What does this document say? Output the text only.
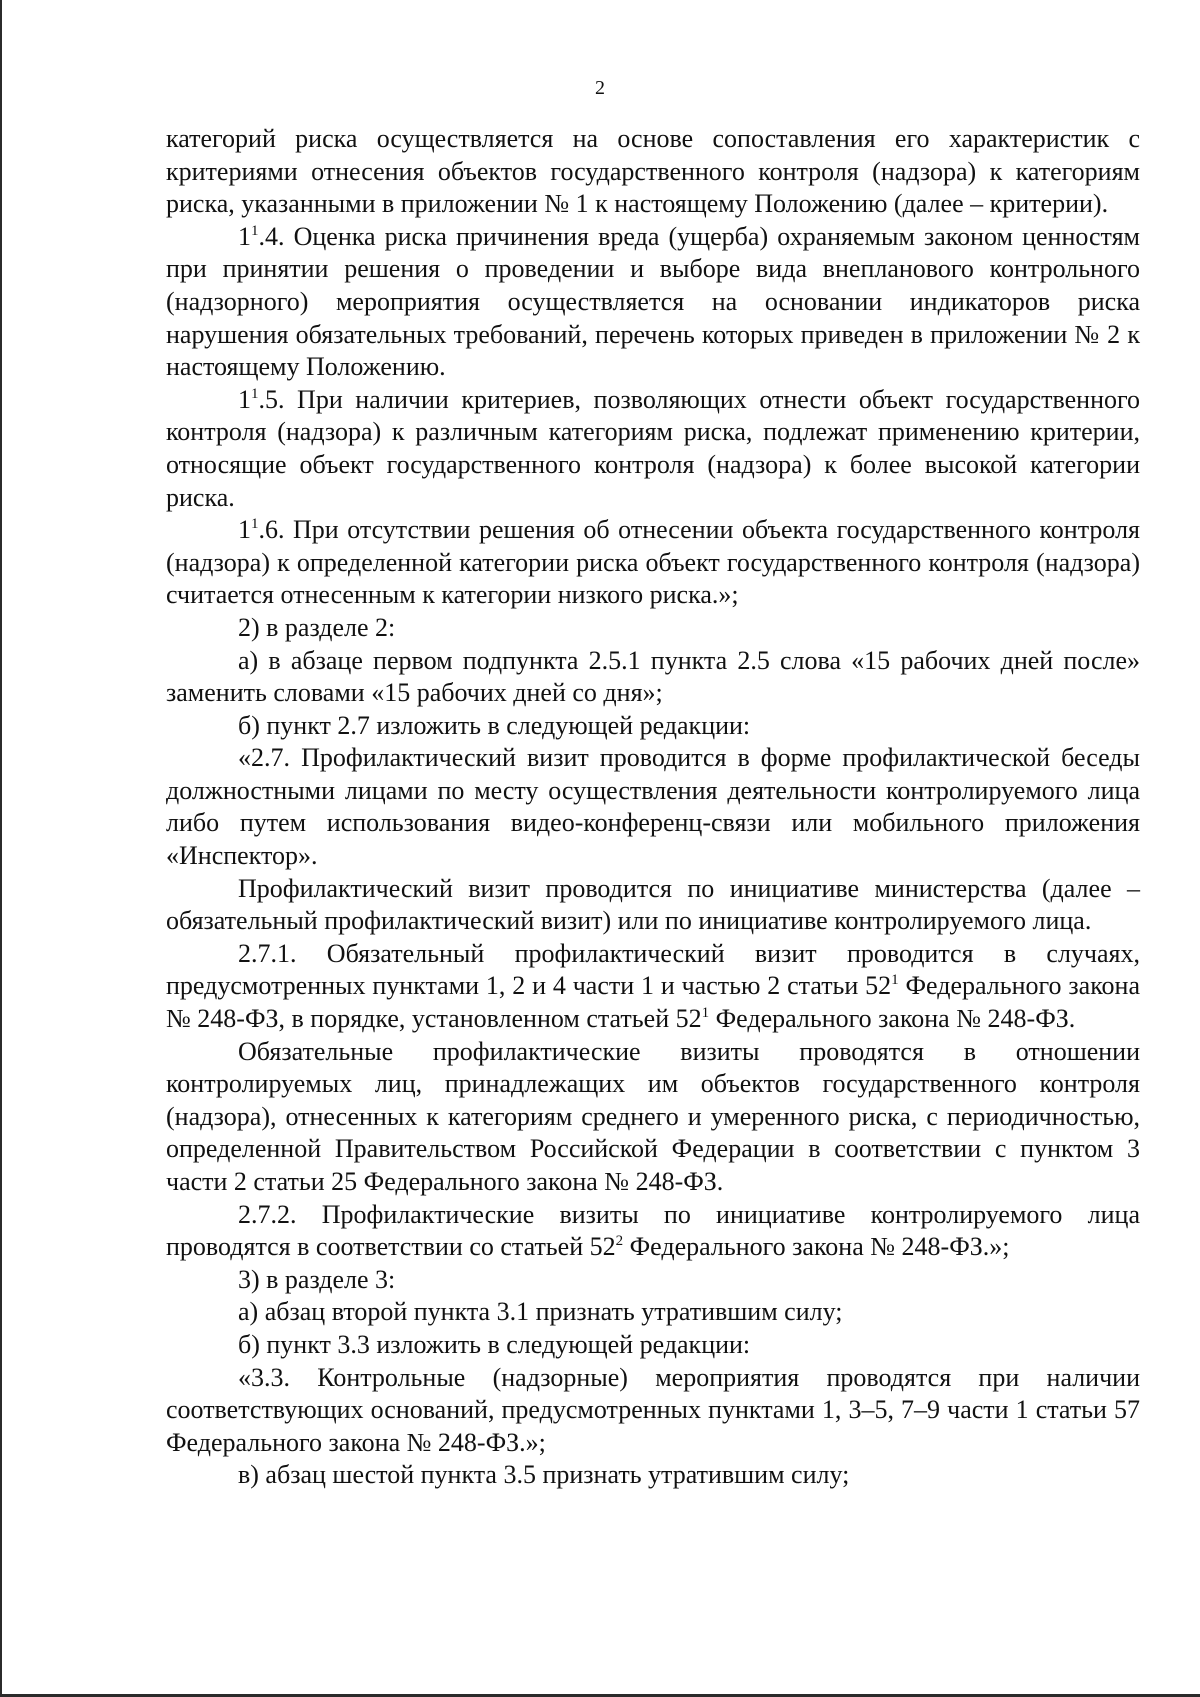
2

категорий риска осуществляется на основе сопоставления его характеристик с критериями отнесения объектов государственного контроля (надзора) к категориям риска, указанными в приложении № 1 к настоящему Положению (далее – критерии).

$1^1.4$. Оценка риска причинения вреда (ущерба) охраняемым законом ценностям при принятии решения о проведении и выборе вида внепланового контрольного (надзорного) мероприятия осуществляется на основании индикаторов риска нарушения обязательных требований, перечень которых приведен в приложении № 2 к настоящему Положению.

$1^1.5$. При наличии критериев, позволяющих отнести объект государственного контроля (надзора) к различным категориям риска, подлежат применению критерии, относящие объект государственного контроля (надзора) к более высокой категории риска.

$1^1.6$. При отсутствии решения об отнесении объекта государственного контроля (надзора) к определенной категории риска объект государственного контроля (надзора) считается отнесенным к категории низкого риска.»;

2) в разделе 2:

а) в абзаце первом подпункта 2.5.1 пункта 2.5 слова «15 рабочих дней после» заменить словами «15 рабочих дней со дня»;

б) пункт 2.7 изложить в следующей редакции:

«2.7. Профилактический визит проводится в форме профилактической беседы должностными лицами по месту осуществления деятельности контролируемого лица либо путем использования видео-конференц-связи или мобильного приложения «Инспектор».

Профилактический визит проводится по инициативе министерства (далее – обязательный профилактический визит) или по инициативе контролируемого лица.

2.7.1. Обязательный профилактический визит проводится в случаях, предусмотренных пунктами 1, 2 и 4 части 1 и частью 2 статьи $52^1$ Федерального закона № 248-ФЗ, в порядке, установленном статьей $52^1$ Федерального закона № 248-ФЗ.

Обязательные профилактические визиты проводятся в отношении контролируемых лиц, принадлежащих им объектов государственного контроля (надзора), отнесенных к категориям среднего и умеренного риска, с периодичностью, определенной Правительством Российской Федерации в соответствии с пунктом 3 части 2 статьи 25 Федерального закона № 248-ФЗ.

2.7.2. Профилактические визиты по инициативе контролируемого лица проводятся в соответствии со статьей $52^2$ Федерального закона № 248-ФЗ.»;

3) в разделе 3:

а) абзац второй пункта 3.1 признать утратившим силу;

б) пункт 3.3 изложить в следующей редакции:

«3.3. Контрольные (надзорные) мероприятия проводятся при наличии соответствующих оснований, предусмотренных пунктами 1, 3–5, 7–9 части 1 статьи 57 Федерального закона № 248-ФЗ.»;

в) абзац шестой пункта 3.5 признать утратившим силу;
